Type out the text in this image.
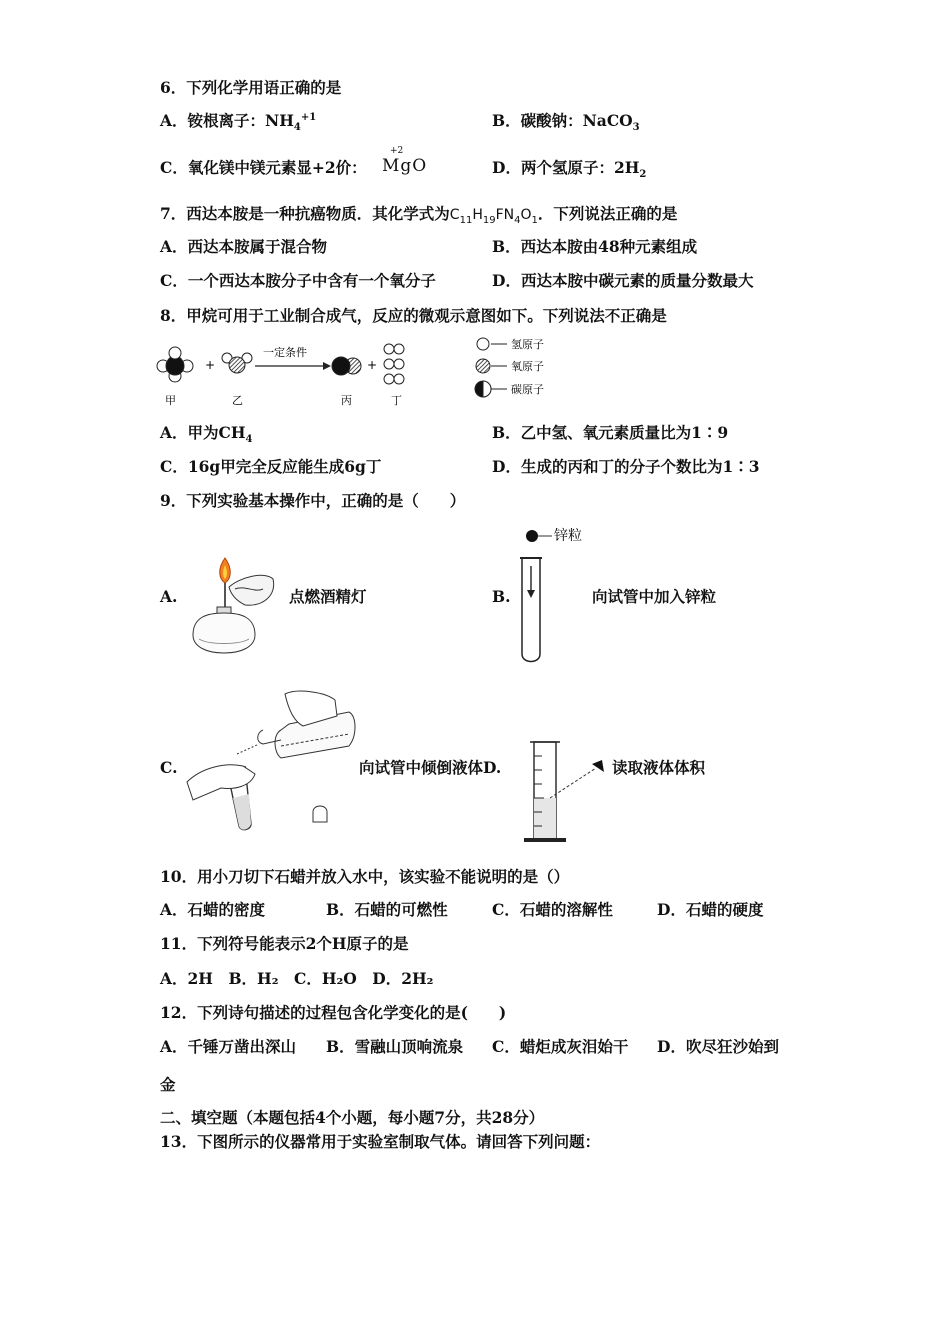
6．下列化学用语正确的是
A．铵根离子：$NH_4^{+1}$	B．碳酸钠：NaCO$_3$
C．氧化镁中镁元素显+2价：
+2
MgO	D．两个氢原子：$2H_2$
7．西达本胺是一种抗癌物质．其化学式为$C_{11}H_{19}FN_4O_1$．下列说法正确的是
A．西达本胺属于混合物	B．西达本胺由48种元素组成
C．一个西达本胺分子中含有一个氧分子	D．西达本胺中碳元素的质量分数最大
8．甲烷可用于工业制合成气，反应的微观示意图如下。下列说法不正确是
+
一定条件
+
甲	乙	丙	丁
氢原子
氧原子
碳原子
A．甲为$CH_4$	B．乙中氢、氧元素质量比为1∶9
C．16g甲完全反应能生成6g丁	D．生成的丙和丁的分子个数比为1∶3
9．下列实验基本操作中，正确的是（　　）
A.	点燃酒精灯	B.
锌粒
向试管中加入锌粒
C.	向试管中倾倒液体D.	读取液体体积
10．用小刀切下石蜡并放入水中，该实验不能说明的是（）
A．石蜡的密度	B．石蜡的可燃性	C．石蜡的溶解性	D．石蜡的硬度
11．下列符号能表示2个H原子的是
A．2H　B．H₂　C．H₂O　D．2H₂
12．下列诗句描述的过程包含化学变化的是(　　)
A．千锤万凿出深山 B．雪融山顶响流泉 C．蜡炬成灰泪始干 D．吹尽狂沙始到
金
二、填空题（本题包括4个小题，每小题7分，共28分）
13．下图所示的仪器常用于实验室制取气体。请回答下列问题：
